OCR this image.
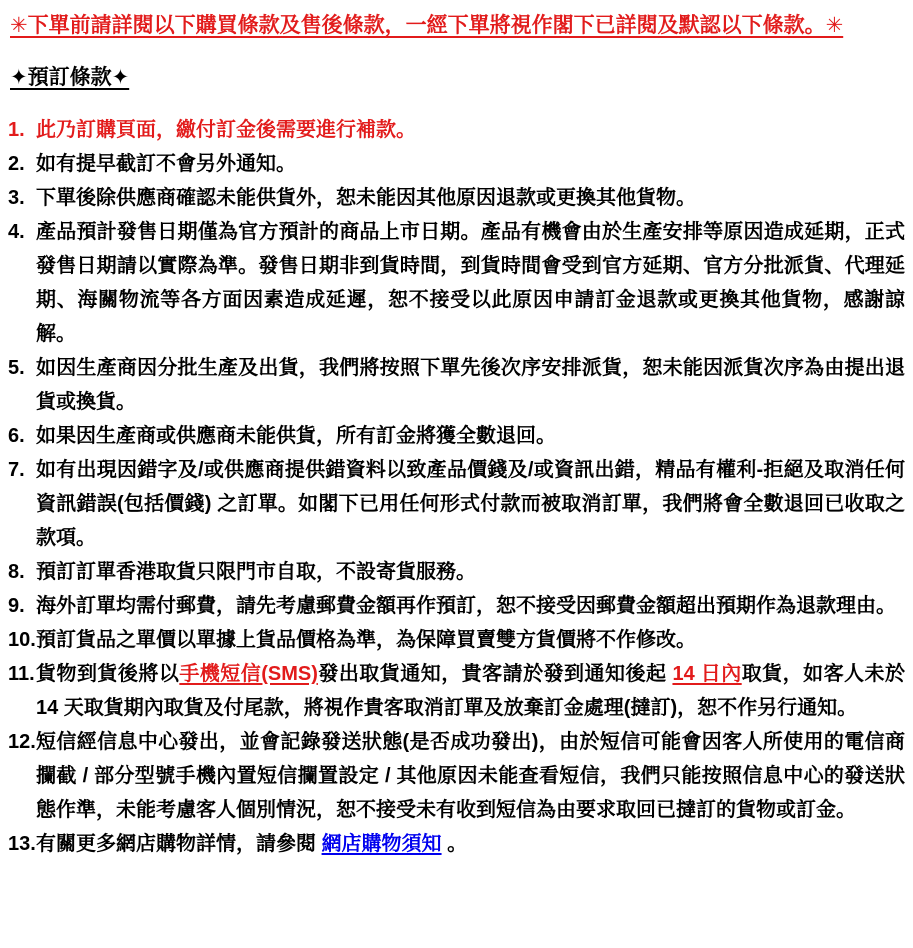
✳下單前請詳閱以下購買條款及售後條款，一經下單將視作閣下已詳閱及默認以下條款。✳

✦預訂條款✦

1. 此乃訂購頁面，繳付訂金後需要進行補款。
2. 如有提早截訂不會另外通知。
3. 下單後除供應商確認未能供貨外，恕未能因其他原因退款或更換其他貨物。
4. 產品預計發售日期僅為官方預計的商品上市日期。產品有機會由於生產安排等原因造成延期，正式發售日期請以實際為準。發售日期非到貨時間，到貨時間會受到官方延期、官方分批派貨、代理延期、海關物流等各方面因素造成延遲，恕不接受以此原因申請訂金退款或更換其他貨物，感謝諒解。
5. 如因生產商因分批生產及出貨，我們將按照下單先後次序安排派貨，恕未能因派貨次序為由提出退貨或換貨。
6. 如果因生產商或供應商未能供貨，所有訂金將獲全數退回。
7. 如有出現因錯字及/或供應商提供錯資料以致產品價錢及/或資訊出錯，精品有權利-拒絕及取消任何資訊錯誤(包括價錢) 之訂單。如閣下已用任何形式付款而被取消訂單，我們將會全數退回已收取之款項。
8. 預訂訂單香港取貨只限門市自取，不設寄貨服務。
9. 海外訂單均需付郵費，請先考慮郵費金額再作預訂，恕不接受因郵費金額超出預期作為退款理由。
10. 預訂貨品之單價以單據上貨品價格為準，為保障買賣雙方貨價將不作修改。
11. 貨物到貨後將以手機短信(SMS)發出取貨通知，貴客請於發到通知後起 14 日內取貨，如客人未於 14 天取貨期內取貨及付尾款，將視作貴客取消訂單及放棄訂金處理(撻訂)，恕不作另行通知。
12. 短信經信息中心發出，並會記錄發送狀態(是否成功發出)，由於短信可能會因客人所使用的電信商攔截 / 部分型號手機內置短信攔置設定 / 其他原因未能查看短信，我們只能按照信息中心的發送狀態作準，未能考慮客人個別情況，恕不接受未有收到短信為由要求取回已撻訂的貨物或訂金。
13. 有關更多網店購物詳情，請參閱 網店購物須知 。
